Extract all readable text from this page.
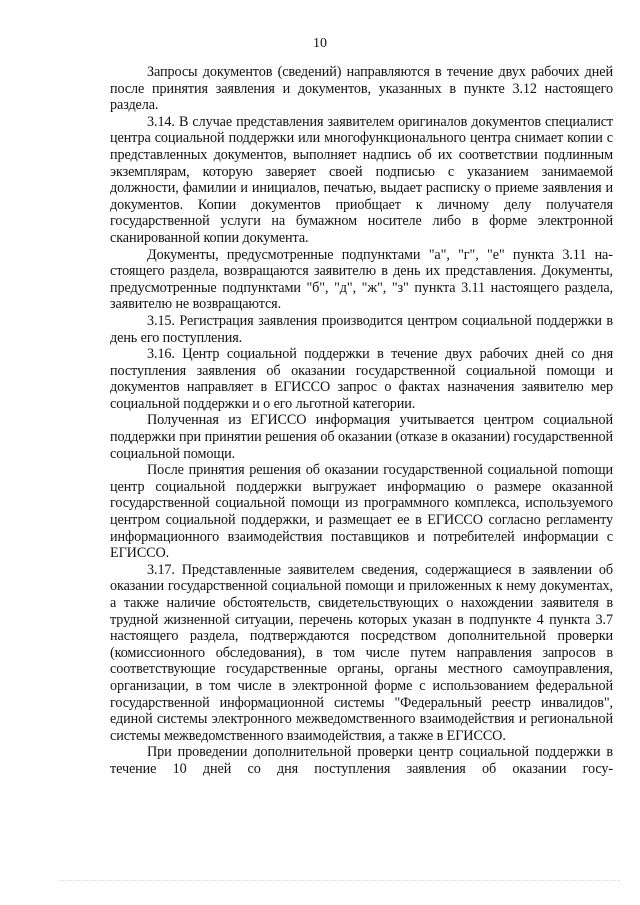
10

Запросы документов (сведений) направляются в течение двух рабочих дней после принятия заявления и документов, указанных в пункте 3.12 настоящего раздела.

3.14. В случае представления заявителем оригиналов документов специалист центра социальной поддержки или многофункционального центра снимает копии с представленных документов, выполняет надпись об их соответствии подлинным экземплярам, которую заверяет своей подписью с указанием занимаемой должности, фамилии и инициалов, печатью, выдает расписку о приеме заявления и документов. Копии документов приобщает к личному делу получателя государственной услуги на бумажном носителе либо в форме электронной сканированной копии документа.

Документы, предусмотренные подпунктами "а", "г", "е" пункта 3.11 настоящего раздела, возвращаются заявителю в день их представления. Документы, предусмотренные подпунктами "б", "д", "ж", "з" пункта 3.11 настоящего раздела, заявителю не возвращаются.

3.15. Регистрация заявления производится центром социальной поддержки в день его поступления.

3.16. Центр социальной поддержки в течение двух рабочих дней со дня поступления заявления об оказании государственной социальной помощи и документов направляет в ЕГИССО запрос о фактах назначения заявителю мер социальной поддержки и о его льготной категории.

Полученная из ЕГИССО информация учитывается центром социальной поддержки при принятии решения об оказании (отказе в оказании) государственной социальной помощи.

После принятия решения об оказании государственной социальной поmощи центр социальной поддержки выгружает информацию о размере оказанной государственной социальной помощи из программного комплекса, используемого центром социальной поддержки, и размещает ее в ЕГИССО согласно регламенту информационного взаимодействия поставщиков и потребителей информации с ЕГИССО.

3.17. Представленные заявителем сведения, содержащиеся в заявлении об оказании государственной социальной помощи и приложенных к нему документах, а также наличие обстоятельств, свидетельствующих о нахождении заявителя в трудной жизненной ситуации, перечень которых указан в подпункте 4 пункта 3.7 настоящего раздела, подтверждаются посредством дополнительной проверки (комиссионного обследования), в том числе путем направления запросов в соответствующие государственные органы, органы местного самоуправления, организации, в том числе в электронной форме с использованием федеральной государственной информационной системы "Федеральный реестр инвалидов", единой системы электронного межведомственного взаимодействия и региональной системы межведомственного взаимодействия, а также в ЕГИССО.

При проведении дополнительной проверки центр социальной поддержки в течение 10 дней со дня поступления заявления об оказании госу-
